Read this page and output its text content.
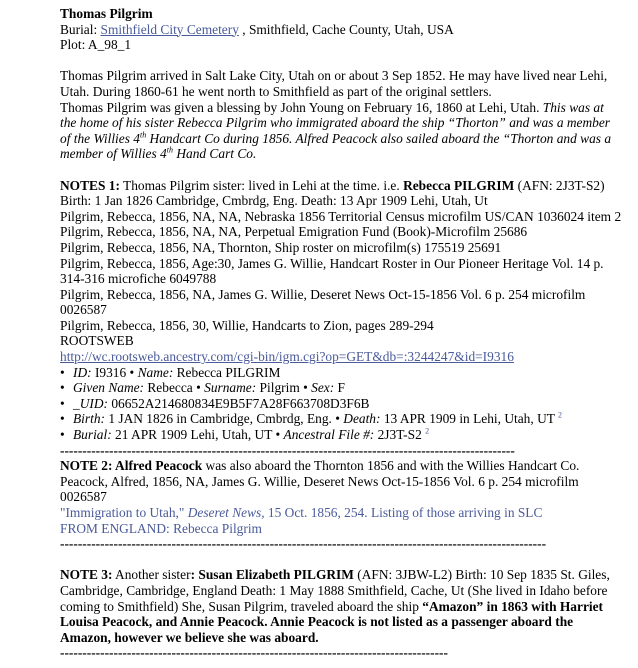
Thomas Pilgrim
Burial: Smithfield City Cemetery , Smithfield, Cache County, Utah, USA
Plot: A_98_1
Thomas Pilgrim arrived in Salt Lake City, Utah on or about 3 Sep 1852. He may have lived near Lehi,
Utah. During 1860-61 he went north to Smithfield as part of the original settlers.
Thomas Pilgrim was given a blessing by John Young on February 16, 1860 at Lehi, Utah. This was at
the home of his sister Rebecca Pilgrim who immigrated aboard the ship “Thorton” and was a member
of the Willies 4th Handcart Co during 1856. Alfred Peacock also sailed aboard the “Thorton and was a
member of Willies 4th Hand Cart Co.
NOTES 1: Thomas Pilgrim sister: lived in Lehi at the time. i.e. Rebecca PILGRIM (AFN: 2J3T-S2)
Birth: 1 Jan 1826 Cambridge, Cmbrdg, Eng. Death: 13 Apr 1909 Lehi, Utah, Ut
Pilgrim, Rebecca, 1856, NA, NA, Nebraska 1856 Territorial Census microfilm US/CAN 1036024 item 2
Pilgrim, Rebecca, 1856, NA, NA, Perpetual Emigration Fund (Book)-Microfilm 25686
Pilgrim, Rebecca, 1856, NA, Thornton, Ship roster on microfilm(s) 175519 25691
Pilgrim, Rebecca, 1856, Age:30, James G. Willie, Handcart Roster in Our Pioneer Heritage Vol. 14 p.
314-316 microfiche 6049788
Pilgrim, Rebecca, 1856, NA, James G. Willie, Deseret News Oct-15-1856 Vol. 6 p. 254 microfilm
0026587
Pilgrim, Rebecca, 1856, 30, Willie, Handcarts to Zion, pages 289-294
ROOTSWEB
http://wc.rootsweb.ancestry.com/cgi-bin/igm.cgi?op=GET&db=:3244247&id=I9316
• ID: I9316 • Name: Rebecca PILGRIM
• Given Name: Rebecca • Surname: Pilgrim • Sex: F
• _UID: 06652A214680834E9B5F7A28F663708D3F6B
• Birth: 1 JAN 1826 in Cambridge, Cmbrdg, Eng. • Death: 13 APR 1909 in Lehi, Utah, UT $^2$
• Burial: 21 APR 1909 Lehi, Utah, UT • Ancestral File #: 2J3T-S2 $^2$
------------------------------------------------------------------------------------------------------
NOTE 2: Alfred Peacock was also aboard the Thornton 1856 and with the Willies Handcart Co.
Peacock, Alfred, 1856, NA, James G. Willie, Deseret News Oct-15-1856 Vol. 6 p. 254 microfilm
0026587
"Immigration to Utah," Deseret News, 15 Oct. 1856, 254. Listing of those arriving in SLC
FROM ENGLAND: Rebecca Pilgrim
-------------------------------------------------------------------------------------------------------------
NOTE 3: Another sister: Susan Elizabeth PILGRIM (AFN: 3JBW-L2) Birth: 10 Sep 1835 St. Giles,
Cambridge, Cambridge, England Death: 1 May 1888 Smithfield, Cache, Ut (She lived in Idaho before
coming to Smithfield) She, Susan Pilgrim, traveled aboard the ship “Amazon” in 1863 with Harriet
Louisa Peacock, and Annie Peacock. Annie Peacock is not listed as a passenger aboard the
Amazon, however we believe she was aboard.
---------------------------------------------------------------------------------------
